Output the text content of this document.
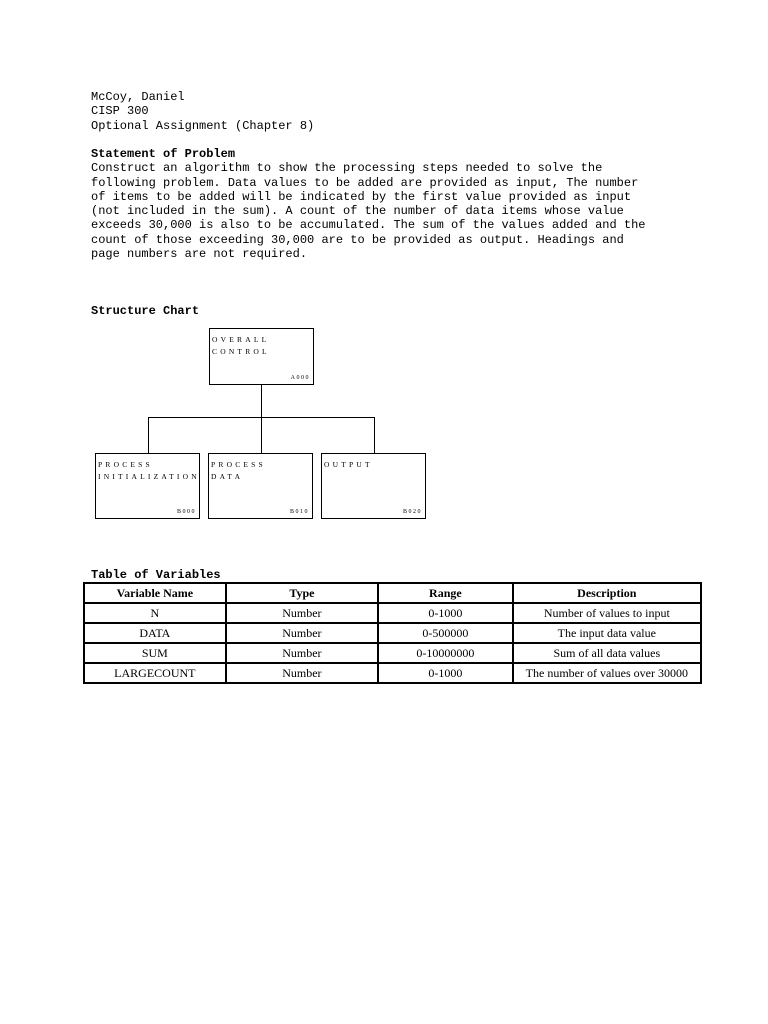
McCoy, Daniel
CISP 300
Optional Assignment (Chapter 8)
Statement of Problem
Construct an algorithm to show the processing steps needed to solve the
following problem. Data values to be added are provided as input, The number
of items to be added will be indicated by the first value provided as input
(not included in the sum). A count of the number of data items whose value
exceeds 30,000 is also to be accumulated. The sum of the values added and the
count of those exceeding 30,000 are to be provided as output. Headings and
page numbers are not required.
Structure Chart
OVERALL
CONTROL
A000
PROCESS
INITIALIZATION
B000
PROCESS
DATA
B010
OUTPUT
B020
Table of Variables
Variable Name	Type	Range	Description
N	Number	0-1000	Number of values to input
DATA	Number	0-500000	The input data value
SUM	Number	0-10000000	Sum of all data values
LARGECOUNT	Number	0-1000	The number of values over 30000
